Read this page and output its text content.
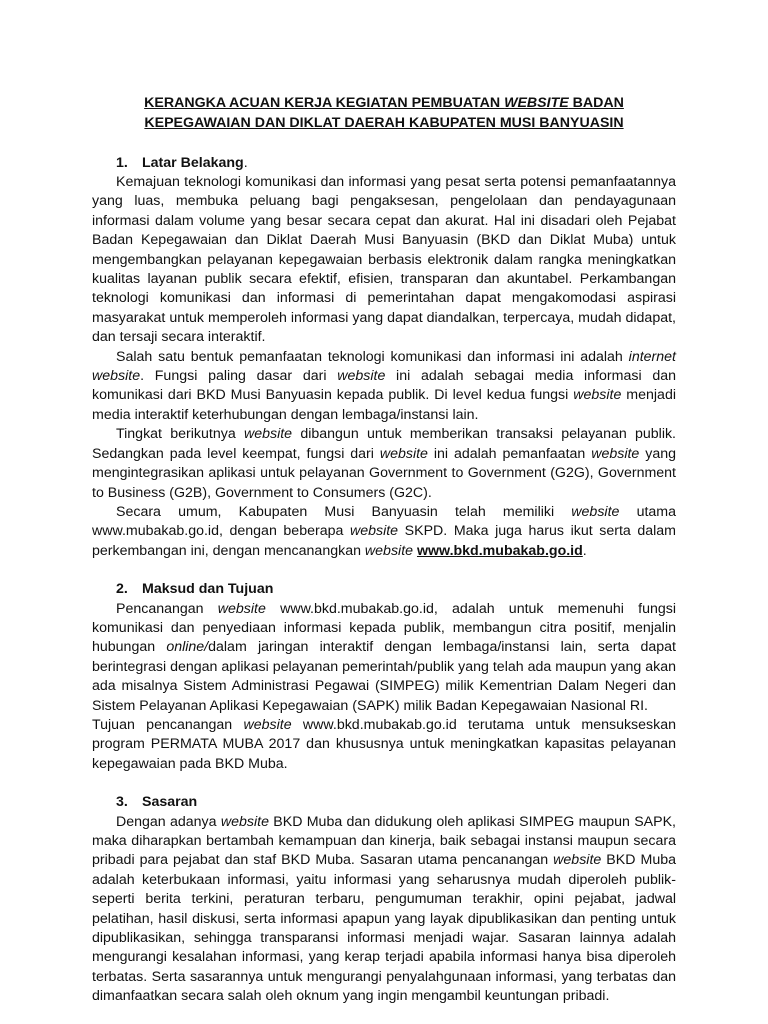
KERANGKA ACUAN KERJA KEGIATAN PEMBUATAN WEBSITE BADAN KEPEGAWAIAN DAN DIKLAT DAERAH KABUPATEN MUSI BANYUASIN

1. Latar Belakang.

Kemajuan teknologi komunikasi dan informasi yang pesat serta potensi pemanfaatannya yang luas, membuka peluang bagi pengaksesan, pengelolaan dan pendayagunaan informasi dalam volume yang besar secara cepat dan akurat. Hal ini disadari oleh Pejabat Badan Kepegawaian dan Diklat Daerah Musi Banyuasin (BKD dan Diklat Muba) untuk mengembangkan pelayanan kepegawaian berbasis elektronik dalam rangka meningkatkan kualitas layanan publik secara efektif, efisien, transparan dan akuntabel. Perkambangan teknologi komunikasi dan informasi di pemerintahan dapat mengakomodasi aspirasi masyarakat untuk memperoleh informasi yang dapat diandalkan, terpercaya, mudah didapat, dan tersaji secara interaktif.

Salah satu bentuk pemanfaatan teknologi komunikasi dan informasi ini adalah internet website. Fungsi paling dasar dari website ini adalah sebagai media informasi dan komunikasi dari BKD Musi Banyuasin kepada publik. Di level kedua fungsi website menjadi media interaktif keterhubungan dengan lembaga/instansi lain.

Tingkat berikutnya website dibangun untuk memberikan transaksi pelayanan publik. Sedangkan pada level keempat, fungsi dari website ini adalah pemanfaatan website yang mengintegrasikan aplikasi untuk pelayanan Government to Government (G2G), Government to Business (G2B), Government to Consumers (G2C).

Secara umum, Kabupaten Musi Banyuasin telah memiliki website utama www.mubakab.go.id, dengan beberapa website SKPD. Maka juga harus ikut serta dalam perkembangan ini, dengan mencanangkan website www.bkd.mubakab.go.id.

2. Maksud dan Tujuan

Pencanangan website www.bkd.mubakab.go.id, adalah untuk memenuhi fungsi komunikasi dan penyediaan informasi kepada publik, membangun citra positif, menjalin hubungan online/dalam jaringan interaktif dengan lembaga/instansi lain, serta dapat berintegrasi dengan aplikasi pelayanan pemerintah/publik yang telah ada maupun yang akan ada misalnya Sistem Administrasi Pegawai (SIMPEG) milik Kementrian Dalam Negeri dan Sistem Pelayanan Aplikasi Kepegawaian (SAPK) milik Badan Kepegawaian Nasional RI.

Tujuan pencanangan website www.bkd.mubakab.go.id terutama untuk mensukseskan program PERMATA MUBA 2017 dan khususnya untuk meningkatkan kapasitas pelayanan kepegawaian pada BKD Muba.

3. Sasaran

Dengan adanya website BKD Muba dan didukung oleh aplikasi SIMPEG maupun SAPK, maka diharapkan bertambah kemampuan dan kinerja, baik sebagai instansi maupun secara pribadi para pejabat dan staf BKD Muba. Sasaran utama pencanangan website BKD Muba adalah keterbukaan informasi, yaitu informasi yang seharusnya mudah diperoleh publik- seperti berita terkini, peraturan terbaru, pengumuman terakhir, opini pejabat, jadwal pelatihan, hasil diskusi, serta informasi apapun yang layak dipublikasikan dan penting untuk dipublikasikan, sehingga transparansi informasi menjadi wajar. Sasaran lainnya adalah mengurangi kesalahan informasi, yang kerap terjadi apabila informasi hanya bisa diperoleh terbatas. Serta sasarannya untuk mengurangi penyalahgunaan informasi, yang terbatas dan dimanfaatkan secara salah oleh oknum yang ingin mengambil keuntungan pribadi.
